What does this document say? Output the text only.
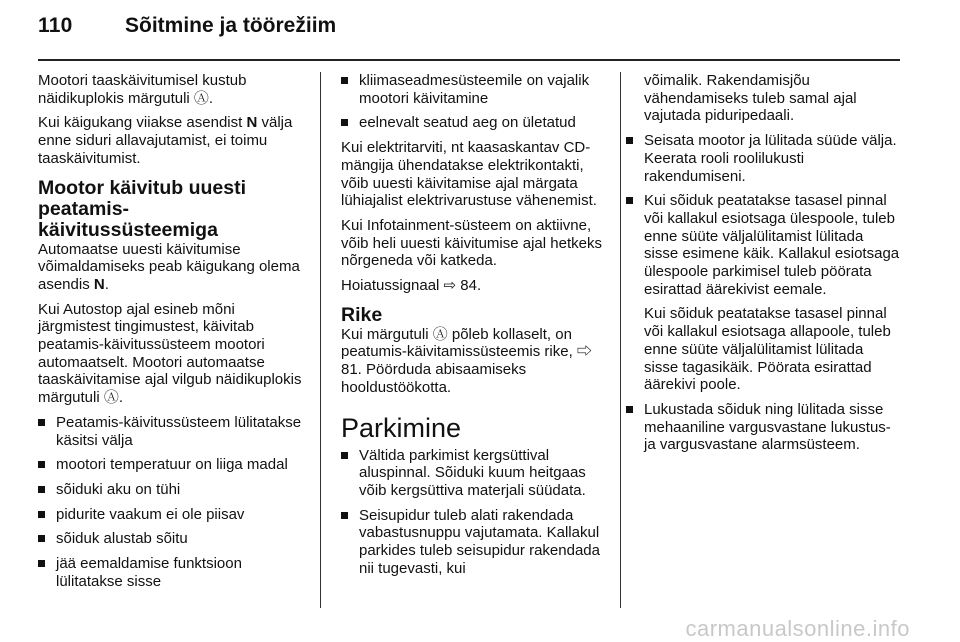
110	Sõitmine ja töörežiim

Mootori taaskäivitumisel kustub näidikuplokis märgutuli Ⓐ.

Kui käigukang viiakse asendist N välja enne siduri allavajutamist, ei toimu taaskäivitumist.

Mootor käivitub uuesti peatamis-käivitussüsteemiga

Automaatse uuesti käivitumise võimaldamiseks peab käigukang olema asendis N.

Kui Autostop ajal esineb mõni järgmistest tingimustest, käivitab peatamis-käivitussüsteem mootori automaatselt. Mootori automaatse taaskäivitamise ajal vilgub näidikuplokis märgutuli Ⓐ.

Peatamis-käivitussüsteem lülitatakse käsitsi välja
mootori temperatuur on liiga madal
sõiduki aku on tühi
pidurite vaakum ei ole piisav
sõiduk alustab sõitu
jää eemaldamise funktsioon lülitatakse sisse
kliimaseadmesüsteemile on vajalik mootori käivitamine
eelnevalt seatud aeg on ületatud

Kui elektritarviti, nt kaasaskantav CD-mängija ühendatakse elektrikontakti, võib uuesti käivitamise ajal märgata lühiajalist elektrivarustuse vähenemist.

Kui Infotainment-süsteem on aktiivne, võib heli uuesti käivitumise ajal hetkeks nõrgeneda või katkeda.

Hoiatussignaal ⇨ 84.

Rike

Kui märgutuli Ⓐ põleb kollaselt, on peatumis-käivitamissüsteemis rike, ⇨ 81. Pöörduda abisaamiseks hooldustöökotta.

Parkimine
Vältida parkimist kergsüttival aluspinnal. Sõiduki kuum heitgaas võib kergsüttiva materjali süüdata.
Seisupidur tuleb alati rakendada vabastusnuppu vajutamata. Kallakul parkides tuleb seisupidur rakendada nii tugevasti, kui

võimalik. Rakendamisjõu vähendamiseks tuleb samal ajal vajutada piduripedaali.

Seisata mootor ja lülitada süüde välja. Keerata rooli roolilukusti rakendumiseni.
Kui sõiduk peatatakse tasasel pinnal või kallakul esiotsaga ülespoole, tuleb enne süüte väljalülitamist lülitada sisse esimene käik. Kallakul esiotsaga ülespoole parkimisel tuleb pöörata esirattad äärekivist eemale.

Kui sõiduk peatatakse tasasel pinnal või kallakul esiotsaga allapoole, tuleb enne süüte väljalülitamist lülitada sisse tagasikäik. Pöörata esirattad äärekivi poole.

Lukustada sõiduk ning lülitada sisse mehaaniline vargusvastane lukustus- ja vargusvastane alarmsüsteem.
carmanualsonline.info
